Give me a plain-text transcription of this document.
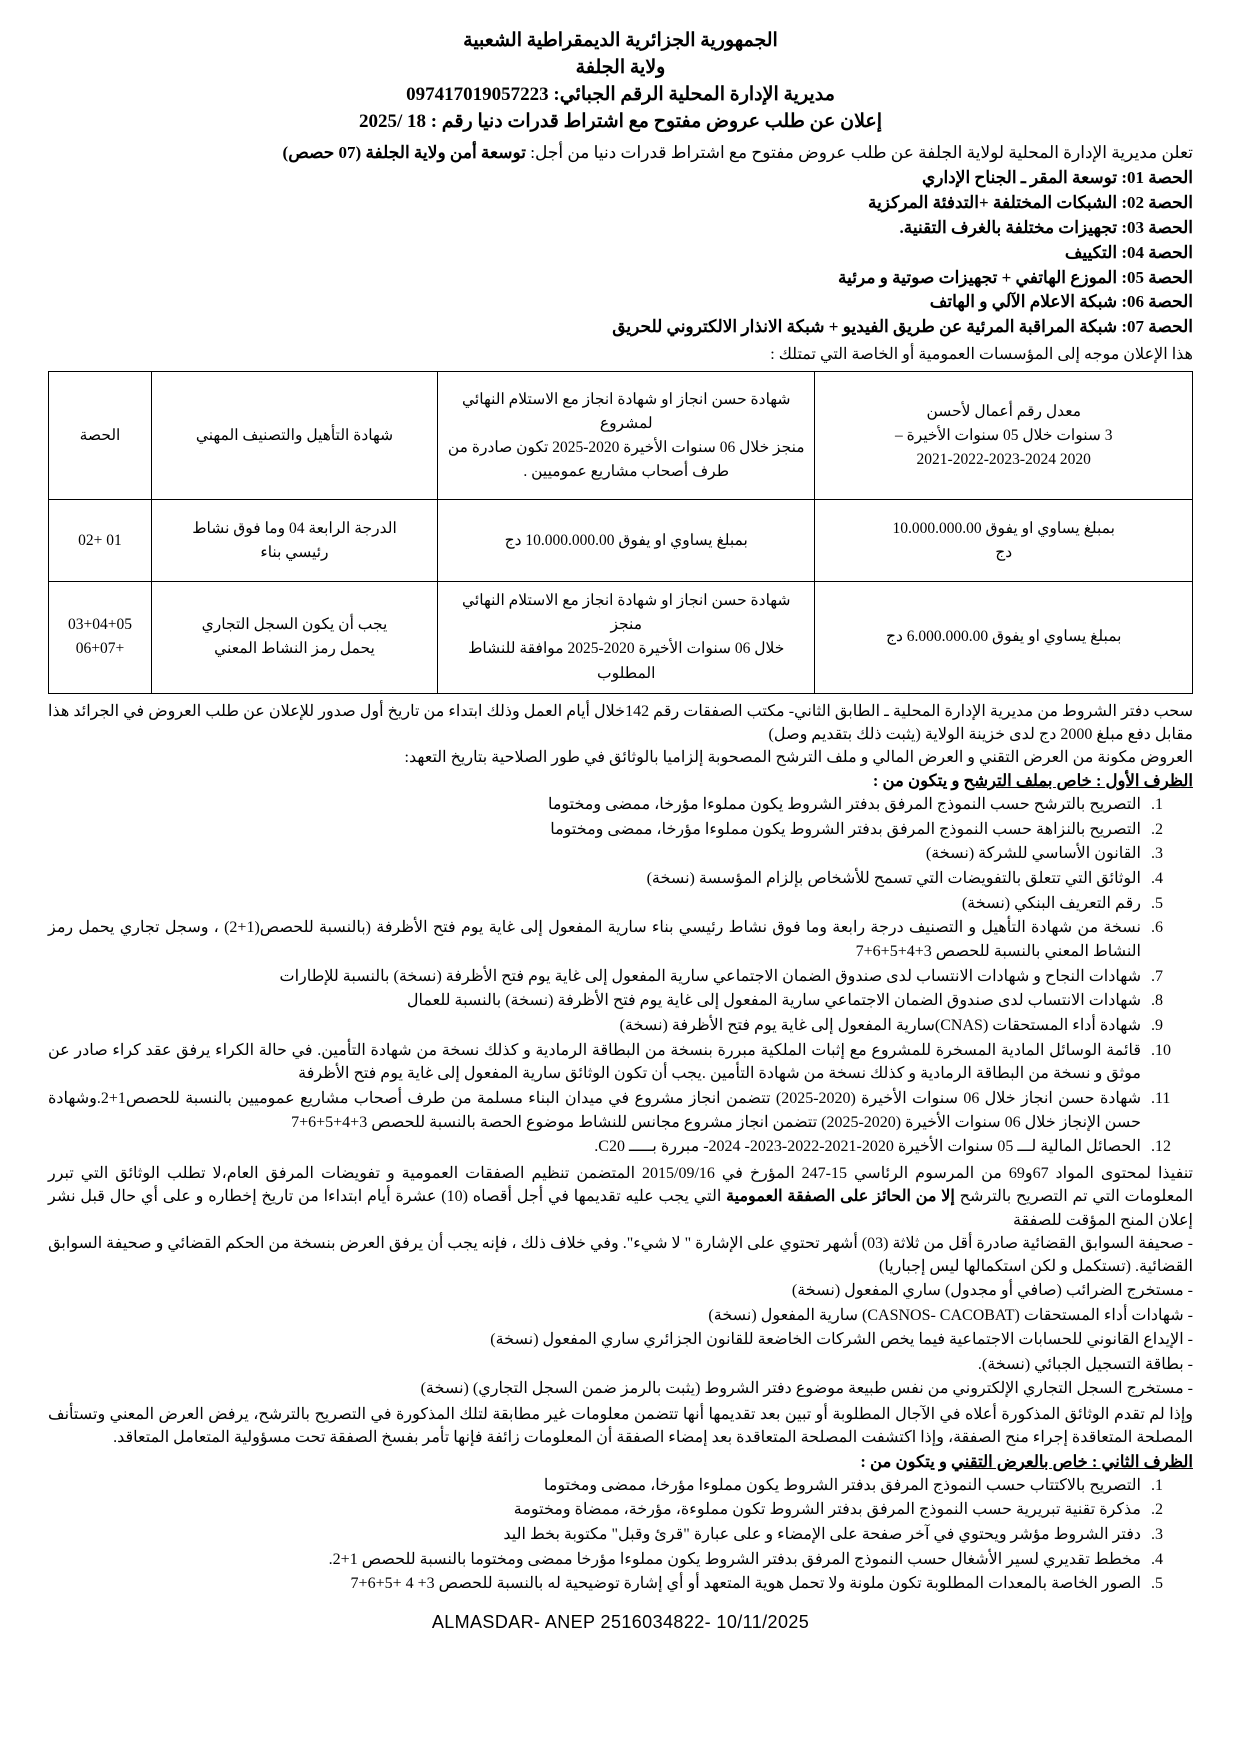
الجمهورية الجزائرية الديمقراطية الشعبية
ولاية الجلفة
مديرية الإدارة المحلية الرقم الجبائي: 097417019057223
إعلان عن طلب عروض مفتوح مع اشتراط قدرات دنيا رقم : 18 /2025
تعلن مديرية الإدارة المحلية لولاية الجلفة عن طلب عروض مفتوح مع اشتراط قدرات دنيا من أجل: توسعة أمن ولاية الجلفة (07 حصص)
الحصة 01: توسعة المقر ـ الجناح الإداري
الحصة 02: الشبكات المختلفة +التدفئة المركزية
الحصة 03: تجهيزات مختلفة بالغرف التقنية.
الحصة 04: التكييف
الحصة 05: الموزع الهاتفي + تجهيزات صوتية و مرئية
الحصة 06: شبكة الاعلام الآلي و الهاتف
الحصة 07: شبكة المراقبة المرئية عن طريق الفيديو + شبكة الانذار الالكتروني للحريق
هذا الإعلان موجه إلى المؤسسات العمومية أو الخاصة التي تمتلك :
معدل رقم أعمال لأحسن
3 سنوات خلال 05 سنوات الأخيرة –
2020 2021-2022-2023-2024	شهادة حسن انجاز او شهادة انجاز مع الاستلام النهائي لمشروع
منجز خلال 06 سنوات الأخيرة 2020-2025 تكون صادرة من
طرف أصحاب مشاريع عموميين .	شهادة التأهيل والتصنيف المهني	الحصة

بمبلغ يساوي او يفوق 10.000.000.00
دج	بمبلغ يساوي او يفوق 10.000.000.00 دج	الدرجة الرابعة 04 وما فوق نشاط
رئيسي بناء	01 +02

بمبلغ يساوي او يفوق 6.000.000.00 دج	شهادة حسن انجاز او شهادة انجاز مع الاستلام النهائي منجز
خلال 06 سنوات الأخيرة 2020-2025 موافقة للنشاط المطلوب	يجب أن يكون السجل التجاري
يحمل رمز النشاط المعني	03+04+05
+06+07

سحب دفتر الشروط من مديرية الإدارة المحلية ـ الطابق الثاني- مكتب الصفقات رقم 142خلال أيام العمل وذلك ابتداء من تاريخ أول صدور للإعلان عن طلب العروض في الجرائد هذا مقابل دفع مبلغ 2000 دج لدى خزينة الولاية (يثبت ذلك بتقديم وصل)

العروض مكونة من العرض التقني و العرض المالي و ملف الترشح المصحوبة إلزاميا بالوثائق في طور الصلاحية بتاريخ التعهد:

الظرف الأول : خاص بملف الترشح و يتكون من :
1. التصريح بالترشح حسب النموذج المرفق بدفتر الشروط يكون مملوءا مؤرخا، ممضى ومختوما
2. التصريح بالنزاهة حسب النموذج المرفق بدفتر الشروط يكون مملوءا مؤرخا، ممضى ومختوما
3. القانون الأساسي للشركة (نسخة)
4. الوثائق التي تتعلق بالتفويضات التي تسمح للأشخاص بإلزام المؤسسة (نسخة)
5. رقم التعريف البنكي (نسخة)
6. نسخة من شهادة التأهيل و التصنيف درجة رابعة وما فوق نشاط رئيسي بناء سارية المفعول إلى غاية يوم فتح الأظرفة (بالنسبة للحصص(1+2) ، وسجل تجاري يحمل رمز النشاط المعني بالنسبة للحصص 3+4+5+6+7
7. شهادات النجاح و شهادات الانتساب لدى صندوق الضمان الاجتماعي سارية المفعول إلى غاية يوم فتح الأظرفة (نسخة) بالنسبة للإطارات
8. شهادات الانتساب لدى صندوق الضمان الاجتماعي سارية المفعول إلى غاية يوم فتح الأظرفة (نسخة) بالنسبة للعمال
9. شهادة أداء المستحقات (CNAS)سارية المفعول إلى غاية يوم فتح الأظرفة (نسخة)
10. قائمة الوسائل المادية المسخرة للمشروع مع إثبات الملكية مبررة بنسخة من البطاقة الرمادية و كذلك نسخة من شهادة التأمين. في حالة الكراء يرفق عقد كراء صادر عن موثق و نسخة من البطاقة الرمادية و كذلك نسخة من شهادة التأمين .يجب أن تكون الوثائق سارية المفعول إلى غاية يوم فتح الأظرفة
11. شهادة حسن انجاز خلال 06 سنوات الأخيرة (2020-2025) تتضمن انجاز مشروع في ميدان البناء مسلمة من طرف أصحاب مشاريع عموميين بالنسبة للحصص1+2.وشهادة حسن الإنجاز خلال 06 سنوات الأخيرة (2020-2025) تتضمن انجاز مشروع مجانس للنشاط موضوع الحصة بالنسبة للحصص 3+4+5+6+7
12. الحصائل المالية لـــ 05 سنوات الأخيرة 2020-2021-2022-2023- 2024- مبررة بـــــ C20.

تنفيذا لمحتوى المواد 67و69 من المرسوم الرئاسي 15-247 المؤرخ في 2015/09/16 المتضمن تنظيم الصفقات العمومية و تفويضات المرفق العام،لا تطلب الوثائق التي تبرر المعلومات التي تم التصريح بالترشح إلا من الحائز على الصفقة العمومية التي يجب عليه تقديمها في أجل أقصاه (10) عشرة أيام ابتداءا من تاريخ إخطاره و على أي حال قبل نشر إعلان المنح المؤقت للصفقة

- صحيفة السوابق القضائية صادرة أقل من ثلاثة (03) أشهر تحتوي على الإشارة " لا شيء". وفي خلاف ذلك ، فإنه يجب أن يرفق العرض بنسخة من الحكم القضائي و صحيفة السوابق القضائية. (تستكمل و لكن استكمالها ليس إجباريا)
- مستخرج الضرائب (صافي أو مجدول) ساري المفعول (نسخة)
- شهادات أداء المستحقات (CASNOS- CACOBAT) سارية المفعول (نسخة)
- الإيداع القانوني للحسابات الاجتماعية فيما يخص الشركات الخاضعة للقانون الجزائري ساري المفعول (نسخة)
- بطاقة التسجيل الجبائي (نسخة).
- مستخرج السجل التجاري الإلكتروني من نفس طبيعة موضوع دفتر الشروط (يثبت بالرمز ضمن السجل التجاري) (نسخة)

وإذا لم تقدم الوثائق المذكورة أعلاه في الآجال المطلوبة أو تبين بعد تقديمها أنها تتضمن معلومات غير مطابقة لتلك المذكورة في التصريح بالترشح، يرفض العرض المعني وتستأنف المصلحة المتعاقدة إجراء منح الصفقة، وإذا اكتشفت المصلحة المتعاقدة بعد إمضاء الصفقة أن المعلومات زائفة فإنها تأمر بفسخ الصفقة تحت مسؤولية المتعامل المتعاقد.

الظرف الثاني : خاص بالعرض التقني و يتكون من :
1. التصريح بالاكتتاب حسب النموذج المرفق بدفتر الشروط يكون مملوءا مؤرخا، ممضى ومختوما
2. مذكرة تقنية تبريرية حسب النموذج المرفق بدفتر الشروط تكون مملوءة، مؤرخة، ممضاة ومختومة
3. دفتر الشروط مؤشر ويحتوي في آخر صفحة على الإمضاء و على عبارة "قرئ وقبل" مكتوبة بخط اليد
4. مخطط تقديري لسير الأشغال حسب النموذج المرفق بدفتر الشروط يكون مملوءا مؤرخا ممضى ومختوما بالنسبة للحصص 1+2.
5. الصور الخاصة بالمعدات المطلوبة تكون ملونة ولا تحمل هوية المتعهد أو أي إشارة توضيحية له بالنسبة للحصص 3+ 4 +5+6+7
ALMASDAR- ANEP 2516034822- 10/11/2025
